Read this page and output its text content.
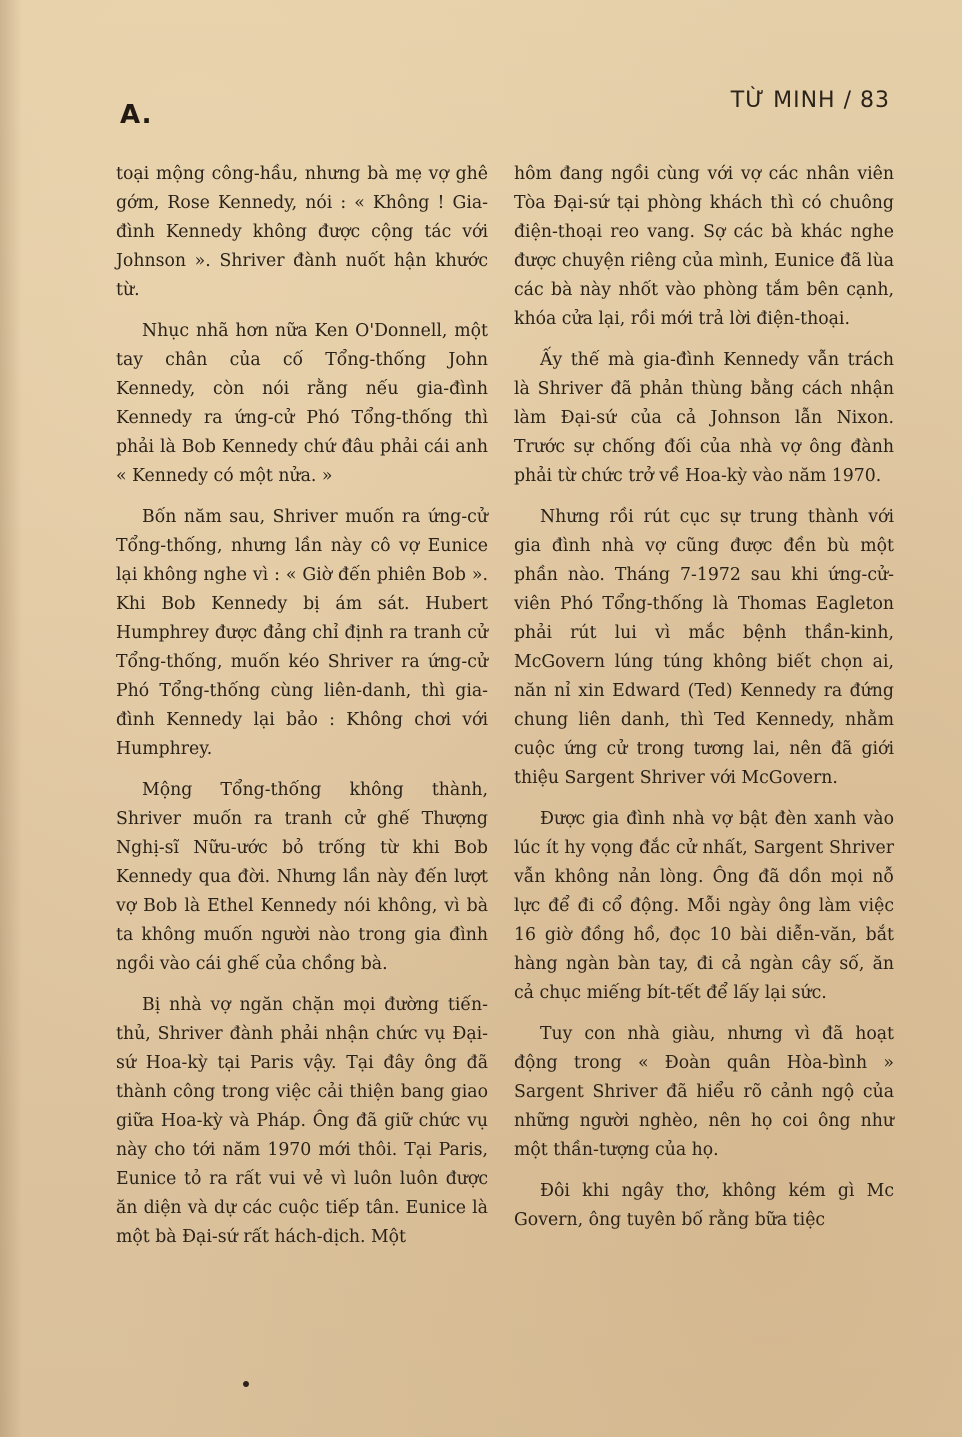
A.	TỪ MINH / 83

toại mộng công-hầu, nhưng bà mẹ vợ ghê gớm, Rose Kennedy, nói : « Không ! Gia-đình Kennedy không được cộng tác với Johnson ». Shriver đành nuốt hận khước từ.

Nhục nhã hơn nữa Ken O'Donnell, một tay chân của cố Tổng-thống John Kennedy, còn nói rằng nếu gia-đình Kennedy ra ứng-cử Phó Tổng-thống thì phải là Bob Kennedy chứ đâu phải cái anh « Kennedy có một nửa. »

Bốn năm sau, Shriver muốn ra ứng-cử Tổng-thống, nhưng lần này cô vợ Eunice lại không nghe vì : « Giờ đến phiên Bob ». Khi Bob Kennedy bị ám sát. Hubert Humphrey được đảng chỉ định ra tranh cử Tổng-thống, muốn kéo Shriver ra ứng-cử Phó Tổng-thống cùng liên-danh, thì gia-đình Kennedy lại bảo : Không chơi với Humphrey.

Mộng Tổng-thống không thành, Shriver muốn ra tranh cử ghế Thượng Nghị-sĩ Nữu-ước bỏ trống từ khi Bob Kennedy qua đời. Nhưng lần này đến lượt vợ Bob là Ethel Kennedy nói không, vì bà ta không muốn người nào trong gia đình ngồi vào cái ghế của chồng bà.

Bị nhà vợ ngăn chặn mọi đường tiến-thủ, Shriver đành phải nhận chức vụ Đại-sứ Hoa-kỳ tại Paris vậy. Tại đây ông đã thành công trong việc cải thiện bang giao giữa Hoa-kỳ và Pháp. Ông đã giữ chức vụ này cho tới năm 1970 mới thôi. Tại Paris, Eunice tỏ ra rất vui vẻ vì luôn luôn được ăn diện và dự các cuộc tiếp tân. Eunice là một bà Đại-sứ rất hách-dịch. Một

hôm đang ngồi cùng với vợ các nhân viên Tòa Đại-sứ tại phòng khách thì có chuông điện-thoại reo vang. Sợ các bà khác nghe được chuyện riêng của mình, Eunice đã lùa các bà này nhốt vào phòng tắm bên cạnh, khóa cửa lại, rồi mới trả lời điện-thoại.

Ấy thế mà gia-đình Kennedy vẫn trách là Shriver đã phản thùng bằng cách nhận làm Đại-sứ của cả Johnson lẫn Nixon. Trước sự chống đối của nhà vợ ông đành phải từ chức trở về Hoa-kỳ vào năm 1970.

Nhưng rồi rút cục sự trung thành với gia đình nhà vợ cũng được đền bù một phần nào. Tháng 7-1972 sau khi ứng-cử-viên Phó Tổng-thống là Thomas Eagleton phải rút lui vì mắc bệnh thần-kinh, McGovern lúng túng không biết chọn ai, năn nỉ xin Edward (Ted) Kennedy ra đứng chung liên danh, thì Ted Kennedy, nhằm cuộc ứng cử trong tương lai, nên đã giới thiệu Sargent Shriver với McGovern.

Được gia đình nhà vợ bật đèn xanh vào lúc ít hy vọng đắc cử nhất, Sargent Shriver vẫn không nản lòng. Ông đã dồn mọi nỗ lực để đi cổ động. Mỗi ngày ông làm việc 16 giờ đồng hồ, đọc 10 bài diễn-văn, bắt hàng ngàn bàn tay, đi cả ngàn cây số, ăn cả chục miếng bít-tết để lấy lại sức.

Tuy con nhà giàu, nhưng vì đã hoạt động trong « Đoàn quân Hòa-bình » Sargent Shriver đã hiểu rõ cảnh ngộ của những người nghèo, nên họ coi ông như một thần-tượng của họ.

Đôi khi ngây thơ, không kém gì Mc Govern, ông tuyên bố rằng bữa tiệc
